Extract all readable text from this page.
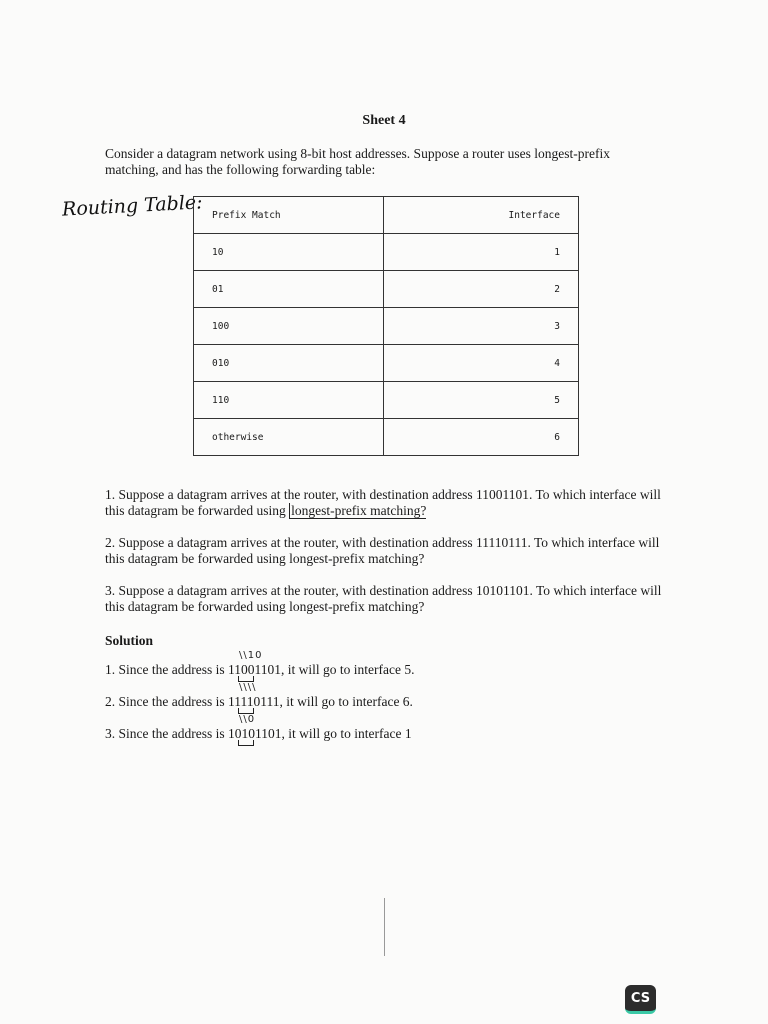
Sheet 4
Consider a datagram network using 8-bit host addresses. Suppose a router uses longest-prefix matching, and has the following forwarding table:
Routing Table: Prefix Match	Interface
10	1
01	2
100	3
010	4
110	5
otherwise	6

1. Suppose a datagram arrives at the router, with destination address 11001101. To which interface will this datagram be forwarded using longest-prefix matching?

2. Suppose a datagram arrives at the router, with destination address 11110111. To which interface will this datagram be forwarded using longest-prefix matching?

3. Suppose a datagram arrives at the router, with destination address 10101101. To which interface will this datagram be forwarded using longest-prefix matching?

Solution
\\10
1. Since the address is 11001101, it will go to interface 5.
\\\\
2. Since the address is 11110111, it will go to interface 6.
\\0
3. Since the address is 10101101, it will go to interface 1
CS
